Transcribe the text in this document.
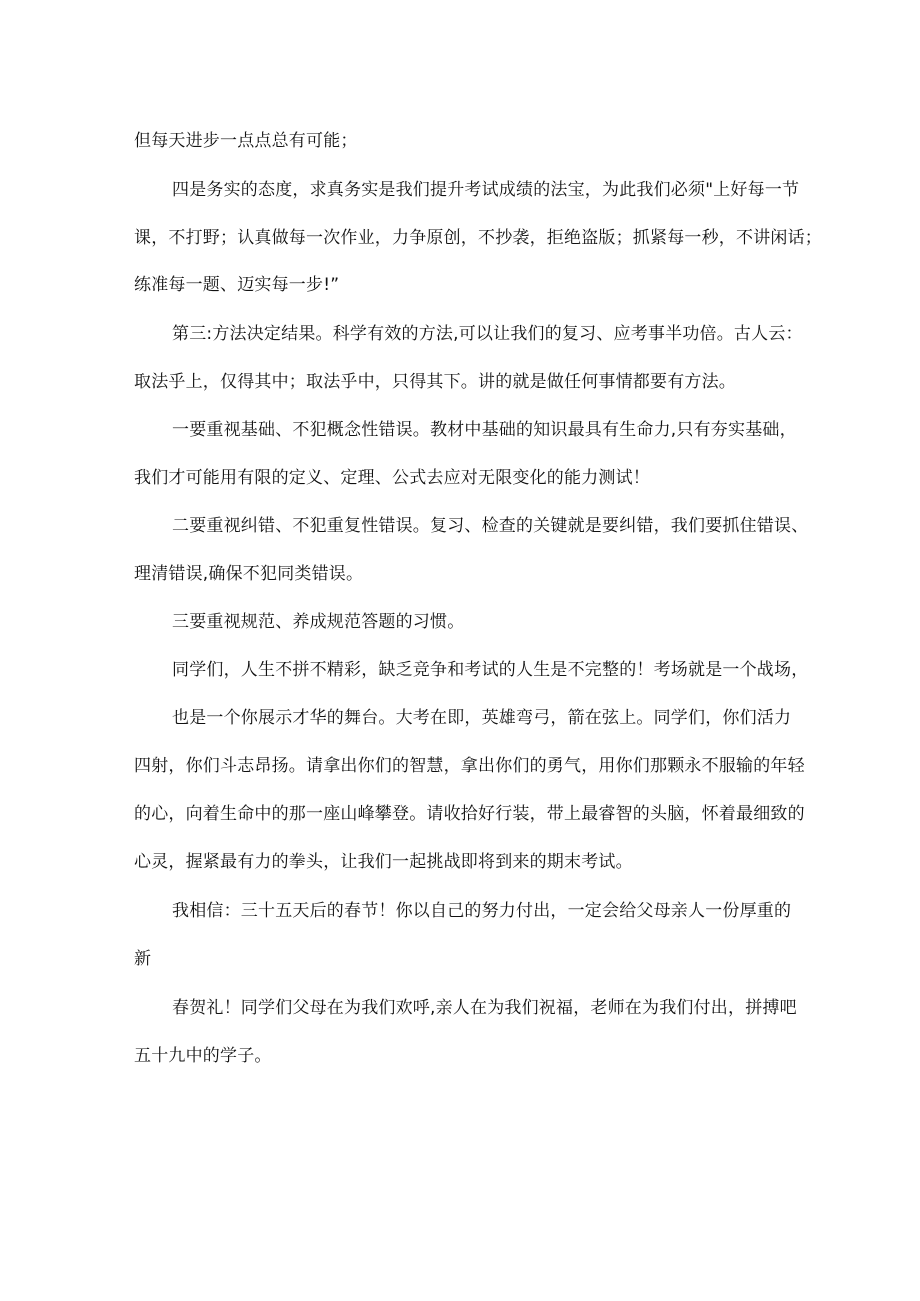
但每天进步一点点总有可能；
四是务实的态度，求真务实是我们提升考试成绩的法宝，为此我们必须"上好每一节
课，不打野；认真做每一次作业，力争原创，不抄袭，拒绝盗版；抓紧每一秒，不讲闲话；
练准每一题、迈实每一步!”
第三:方法决定结果。科学有效的方法,可以让我们的复习、应考事半功倍。古人云：
取法乎上，仅得其中；取法乎中，只得其下。讲的就是做任何事情都要有方法。
一要重视基础、不犯概念性错误。教材中基础的知识最具有生命力,只有夯实基础，
我们才可能用有限的定义、定理、公式去应对无限变化的能力测试！
二要重视纠错、不犯重复性错误。复习、检查的关键就是要纠错，我们要抓住错误、
理清错误,确保不犯同类错误。
三要重视规范、养成规范答题的习惯。
同学们，人生不拼不精彩，缺乏竞争和考试的人生是不完整的！考场就是一个战场，
也是一个你展示才华的舞台。大考在即，英雄弯弓，箭在弦上。同学们，你们活力
四射，你们斗志昂扬。请拿出你们的智慧，拿出你们的勇气，用你们那颗永不服输的年轻
的心，向着生命中的那一座山峰攀登。请收拾好行装，带上最睿智的头脑，怀着最细致的
心灵，握紧最有力的拳头，让我们一起挑战即将到来的期末考试。
我相信：三十五天后的春节！你以自己的努力付出，一定会给父母亲人一份厚重的
新
春贺礼！同学们父母在为我们欢呼,亲人在为我们祝福，老师在为我们付出，拼搏吧
五十九中的学子。
